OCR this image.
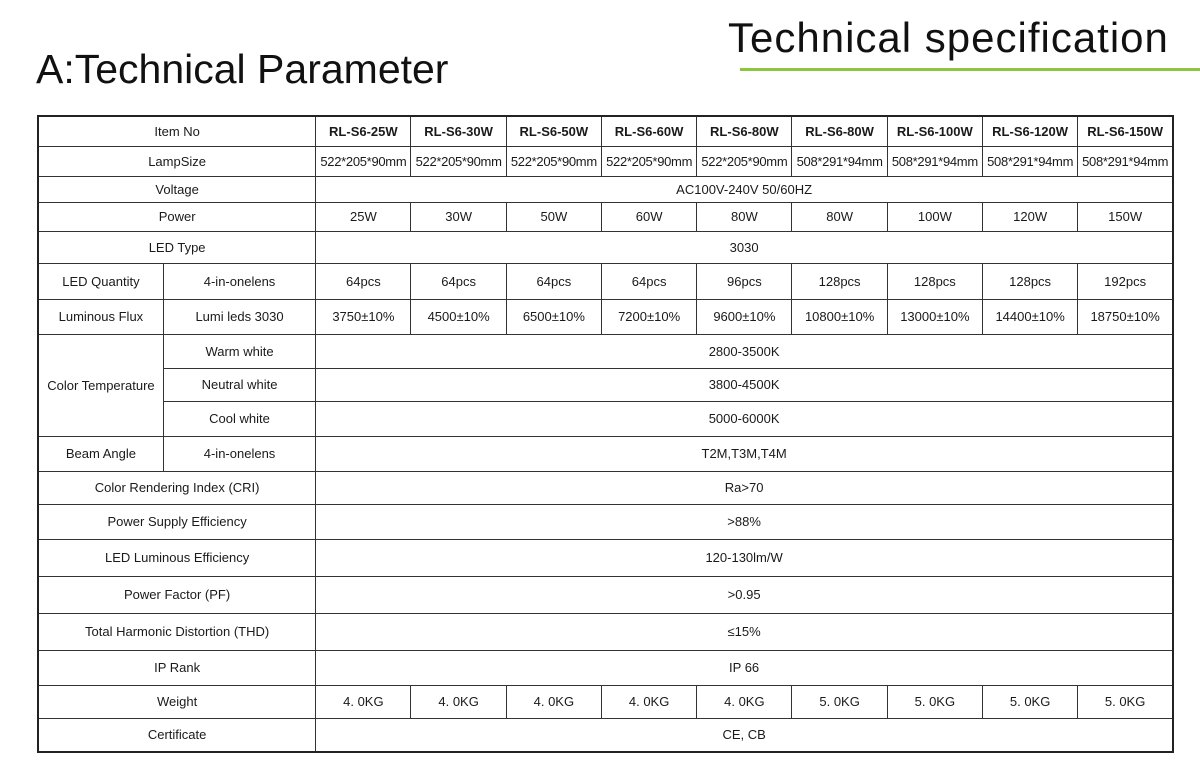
Technical specification
A:Technical Parameter
Item No		RL-S6-25W	RL-S6-30W	RL-S6-50W	RL-S6-60W	RL-S6-80W	RL-S6-80W	RL-S6-100W	RL-S6-120W	RL-S6-150W
LampSize		522*205*90mm	522*205*90mm	522*205*90mm	522*205*90mm	522*205*90mm	508*291*94mm	508*291*94mm	508*291*94mm	508*291*94mm
Voltage		AC100V-240V 50/60HZ								
Power		25W	30W	50W	60W	80W	80W	100W	120W	150W
LED Type		3030								
LED Quantity	4-in-onelens	64pcs	64pcs	64pcs	64pcs	96pcs	128pcs	128pcs	128pcs	192pcs
Luminous Flux	Lumi leds 3030	3750±10%	4500±10%	6500±10%	7200±10%	9600±10%	10800±10%	13000±10%	14400±10%	18750±10%
Color Temperature	Warm white	2800-3500K								
	Neutral white	3800-4500K								
	Cool white	5000-6000K								
Beam Angle	4-in-onelens	T2M,T3M,T4M								
Color Rendering Index (CRI)		Ra>70								
Power Supply Efficiency		>88%								
LED Luminous Efficiency		120-130lm/W								
Power Factor (PF)		>0.95								
Total Harmonic Distortion (THD)		≤15%								
IP Rank		IP 66								
Weight		4. 0KG	4. 0KG	4. 0KG	4. 0KG	4. 0KG	5. 0KG	5. 0KG	5. 0KG	5. 0KG
Certificate		CE, CB								
